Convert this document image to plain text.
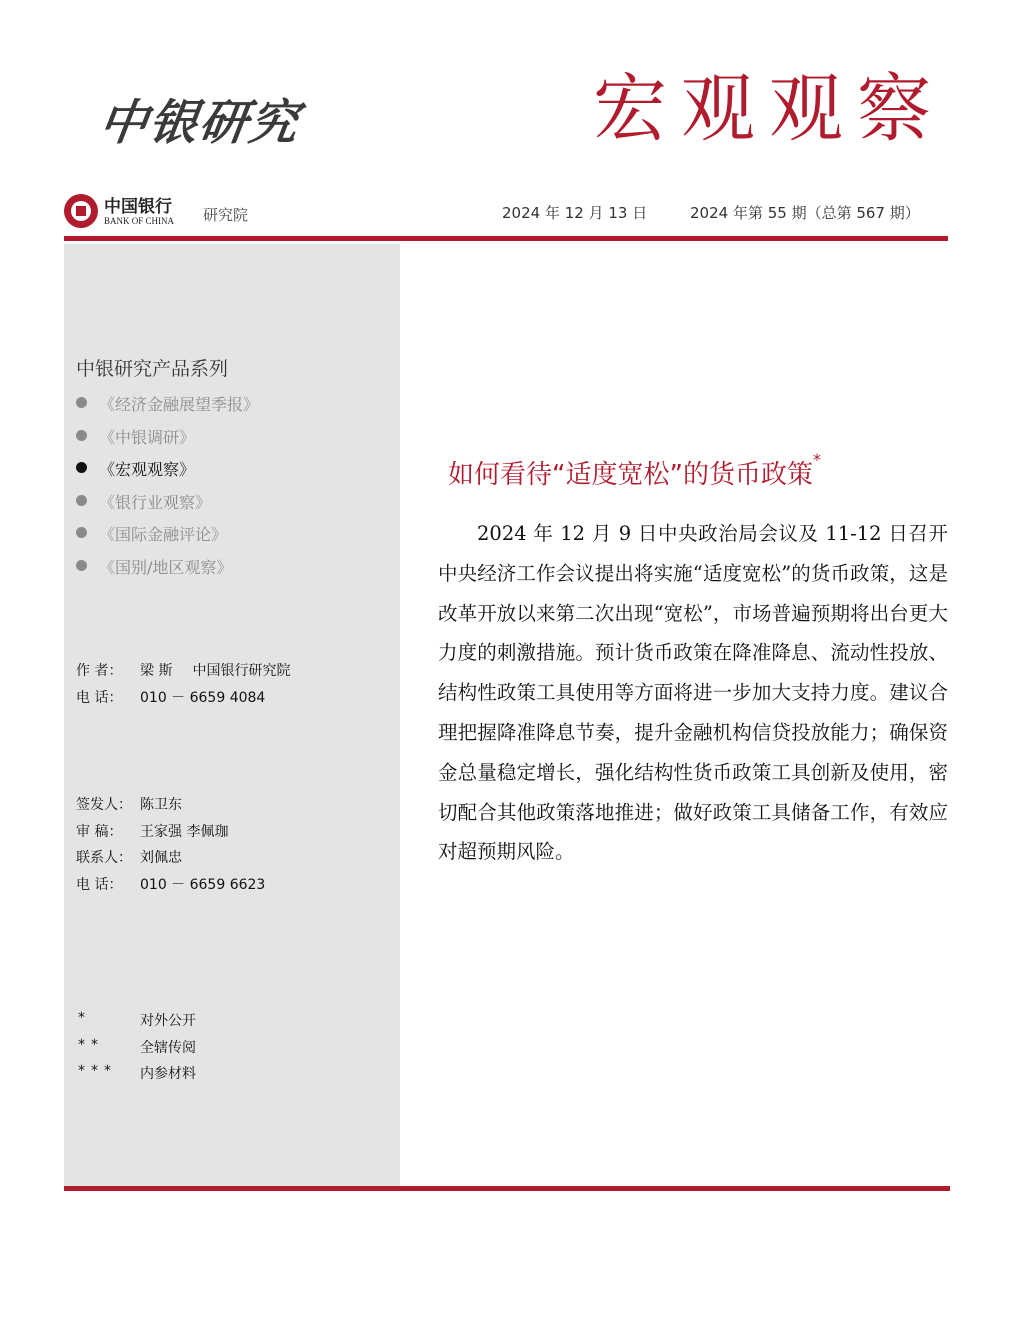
中银研究	宏观观察
中国银行
BANK OF CHINA 研究院	2024 年 12 月 13 日	2024 年第 55 期（总第 567 期）
中银研究产品系列
《经济金融展望季报》
《中银调研》
《宏观观察》
《银行业观察》
《国际金融评论》
《国别/地区观察》
作 者：	梁 斯 中国银行研究院
电 话：	010 － 6659 4084
签发人： 陈卫东
审 稿：	王家强 李佩珈
联系人： 刘佩忠
电 话：	010 － 6659 6623
*	对外公开
**	全辖传阅
***	内参材料
如何看待“适度宽松”的货币政策*

2024 年 12 月 9 日中央政治局会议及 11-12 日召开中央经济工作会议提出将实施“适度宽松”的货币政策，这是改革开放以来第二次出现“宽松”，市场普遍预期将出台更大力度的刺激措施。预计货币政策在降准降息、流动性投放、结构性政策工具使用等方面将进一步加大支持力度。建议合理把握降准降息节奏，提升金融机构信贷投放能力；确保资金总量稳定增长，强化结构性货币政策工具创新及使用，密切配合其他政策落地推进；做好政策工具储备工作，有效应对超预期风险。
